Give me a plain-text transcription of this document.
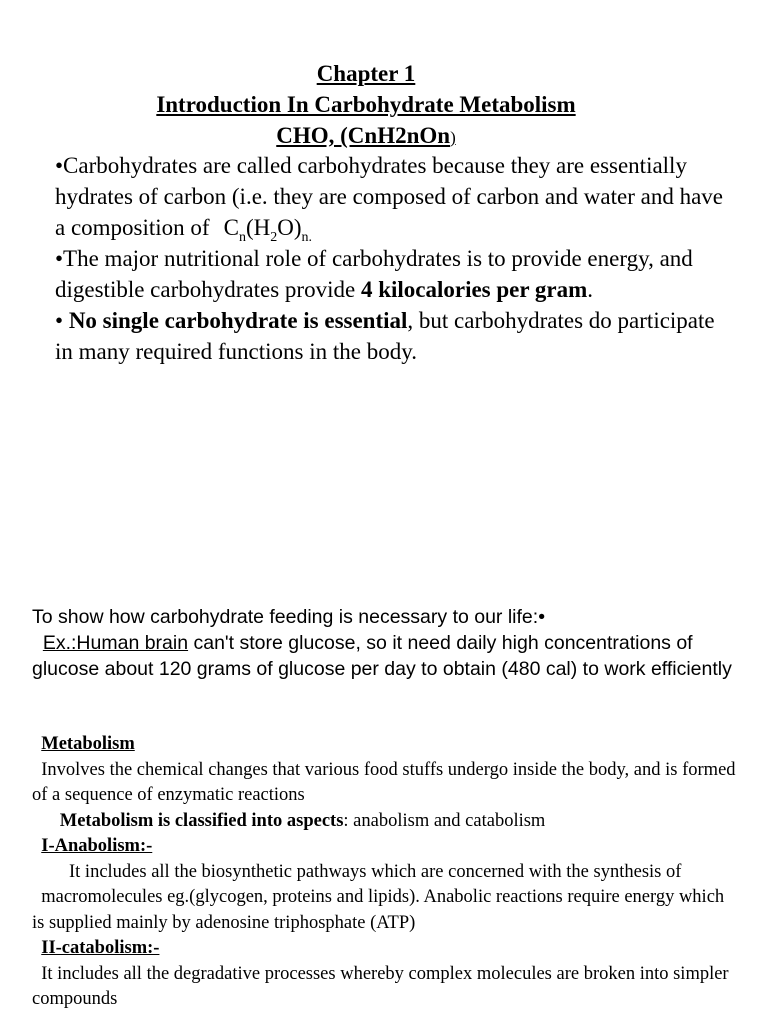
Chapter 1
Introduction In Carbohydrate Metabolism
CHO, (CnH2nOn)

•Carbohydrates are called carbohydrates because they are essentially hydrates of carbon (i.e. they are composed of carbon and water and have a composition of $C_n(H_2O)_{n.}$

•The major nutritional role of carbohydrates is to provide energy, and digestible carbohydrates provide 4 kilocalories per gram.

• No single carbohydrate is essential, but carbohydrates do participate in many required functions in the body.

To show how carbohydrate feeding is necessary to our life:•

Ex.:Human brain can't store glucose, so it need daily high concentrations of glucose about 120 grams of glucose per day to obtain (480 cal) to work efficiently

Metabolism

Involves the chemical changes that various food stuffs undergo inside the body, and is formed of a sequence of enzymatic reactions

Metabolism is classified into aspects: anabolism and catabolism

I-Anabolism:-

It includes all the biosynthetic pathways which are concerned with the synthesis of

macromolecules eg.(glycogen, proteins and lipids). Anabolic reactions require energy which is supplied mainly by adenosine triphosphate (ATP)

II-catabolism:-

It includes all the degradative processes whereby complex molecules are broken into simpler compounds
